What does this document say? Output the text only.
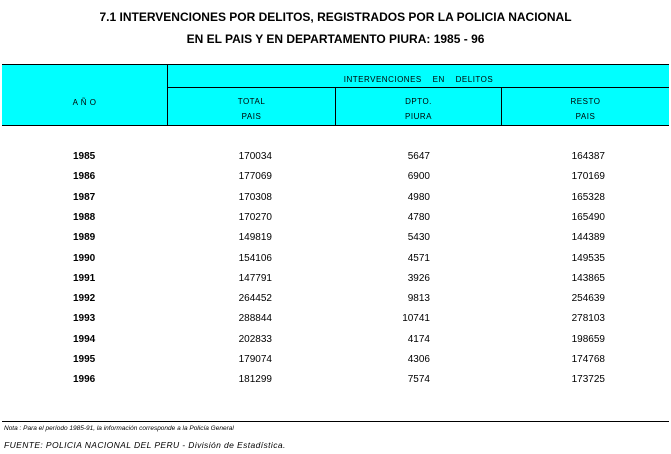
7.1 INTERVENCIONES POR DELITOS, REGISTRADOS POR LA POLICIA NACIONAL
EN EL PAIS Y EN DEPARTAMENTO PIURA: 1985 - 96
A Ñ O
INTERVENCIONES    EN    DELITOS
TOTAL
PAIS
DPTO.
PIURA
RESTO
PAIS
1985	170034	5647	164387
1986	177069	6900	170169
1987	170308	4980	165328
1988	170270	4780	165490
1989	149819	5430	144389
1990	154106	4571	149535
1991	147791	3926	143865
1992	264452	9813	254639
1993	288844	10741	278103
1994	202833	4174	198659
1995	179074	4306	174768
1996	181299	7574	173725
Nota : Para el período 1985-91, la información corresponde a la Policía General
FUENTE: POLICIA NACIONAL DEL PERU - División de Estadística.
